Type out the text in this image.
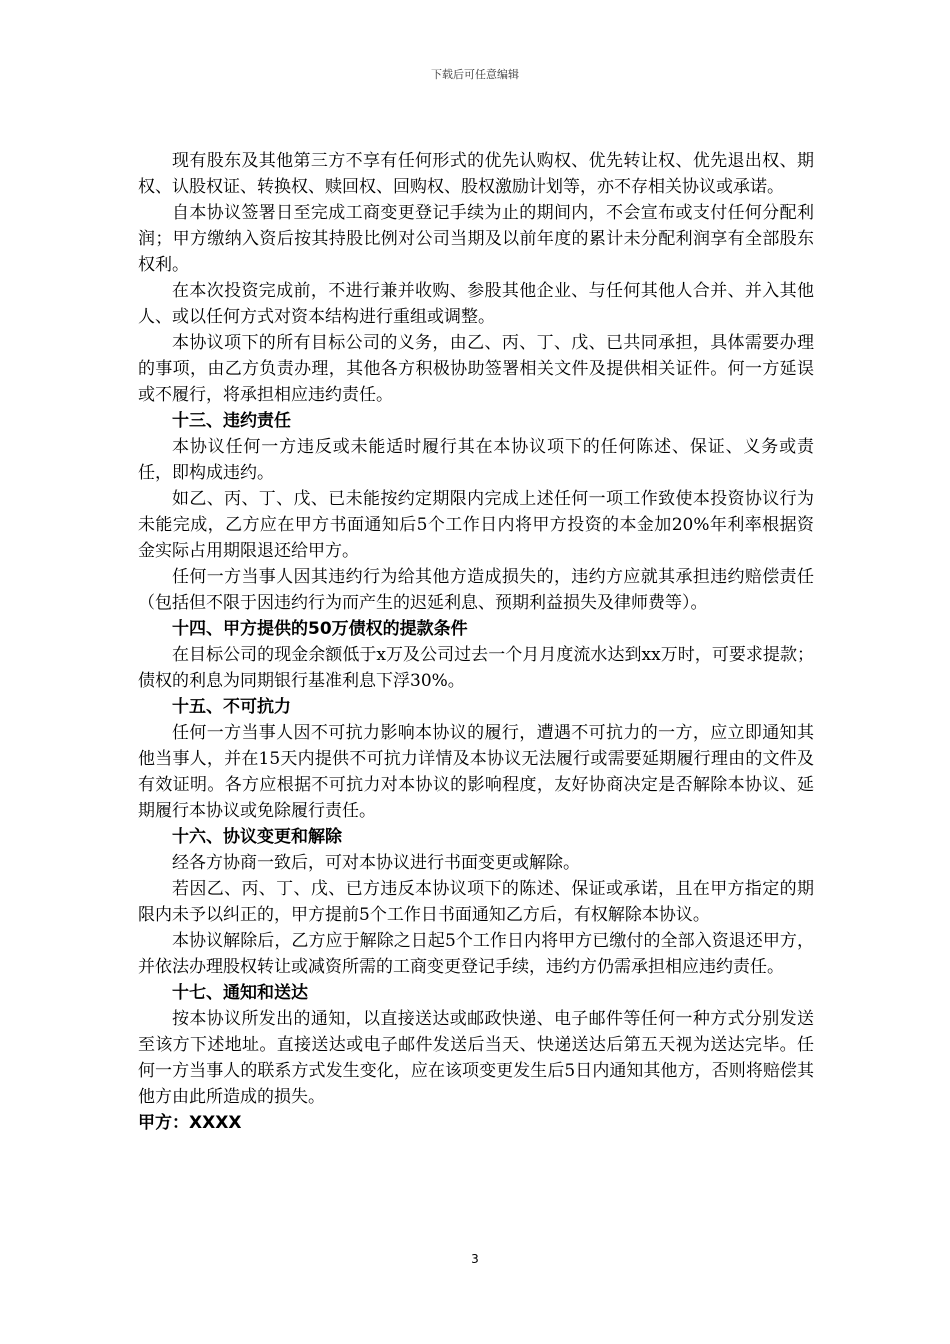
下载后可任意编辑

现有股东及其他第三方不享有任何形式的优先认购权、优先转让权、优先退出权、期权、认股权证、转换权、赎回权、回购权、股权激励计划等，亦不存相关协议或承诺。

自本协议签署日至完成工商变更登记手续为止的期间内，不会宣布或支付任何分配利润；甲方缴纳入资后按其持股比例对公司当期及以前年度的累计未分配利润享有全部股东权利。

在本次投资完成前，不进行兼并收购、参股其他企业、与任何其他人合并、并入其他人、或以任何方式对资本结构进行重组或调整。

本协议项下的所有目标公司的义务，由乙、丙、丁、戊、已共同承担，具体需要办理的事项，由乙方负责办理，其他各方积极协助签署相关文件及提供相关证件。何一方延误或不履行，将承担相应违约责任。

十三、违约责任

本协议任何一方违反或未能适时履行其在本协议项下的任何陈述、保证、义务或责任，即构成违约。

如乙、丙、丁、戊、已未能按约定期限内完成上述任何一项工作致使本投资协议行为未能完成，乙方应在甲方书面通知后5个工作日内将甲方投资的本金加20%年利率根据资金实际占用期限退还给甲方。

任何一方当事人因其违约行为给其他方造成损失的，违约方应就其承担违约赔偿责任（包括但不限于因违约行为而产生的迟延利息、预期利益损失及律师费等）。

十四、甲方提供的50万债权的提款条件

在目标公司的现金余额低于x万及公司过去一个月月度流水达到xx万时，可要求提款；债权的利息为同期银行基准利息下浮30%。

十五、不可抗力

任何一方当事人因不可抗力影响本协议的履行，遭遇不可抗力的一方，应立即通知其他当事人，并在15天内提供不可抗力详情及本协议无法履行或需要延期履行理由的文件及有效证明。各方应根据不可抗力对本协议的影响程度，友好协商决定是否解除本协议、延期履行本协议或免除履行责任。

十六、协议变更和解除

经各方协商一致后，可对本协议进行书面变更或解除。

若因乙、丙、丁、戊、已方违反本协议项下的陈述、保证或承诺，且在甲方指定的期限内未予以纠正的，甲方提前5个工作日书面通知乙方后，有权解除本协议。

本协议解除后，乙方应于解除之日起5个工作日内将甲方已缴付的全部入资退还甲方，并依法办理股权转让或减资所需的工商变更登记手续，违约方仍需承担相应违约责任。

十七、通知和送达

按本协议所发出的通知，以直接送达或邮政快递、电子邮件等任何一种方式分别发送至该方下述地址。直接送达或电子邮件发送后当天、快递送达后第五天视为送达完毕。任何一方当事人的联系方式发生变化，应在该项变更发生后5日内通知其他方，否则将赔偿其他方由此所造成的损失。

甲方：XXXX

3
